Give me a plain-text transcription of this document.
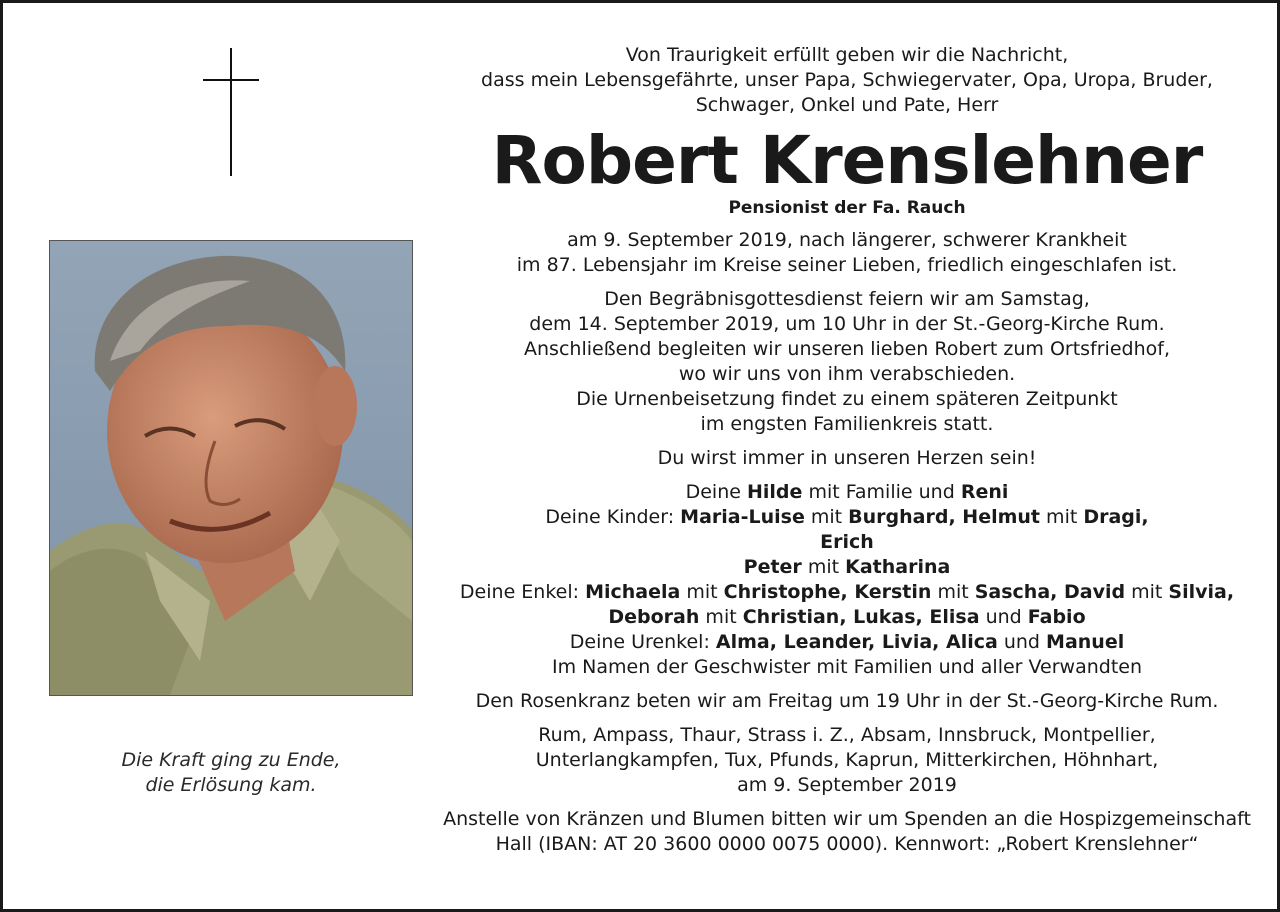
Die Kraft ging zu Ende,
die Erlösung kam.

Von Traurigkeit erfüllt geben wir die Nachricht,
dass mein Lebensgefährte, unser Papa, Schwiegervater, Opa, Uropa, Bruder,
Schwager, Onkel und Pate, Herr

Robert Krenslehner

Pensionist der Fa. Rauch

am 9. September 2019, nach längerer, schwerer Krankheit
im 87. Lebensjahr im Kreise seiner Lieben, friedlich eingeschlafen ist.

Den Begräbnisgottesdienst feiern wir am Samstag,
dem 14. September 2019, um 10 Uhr in der St.-Georg-Kirche Rum.
Anschließend begleiten wir unseren lieben Robert zum Ortsfriedhof,
wo wir uns von ihm verabschieden.
Die Urnenbeisetzung findet zu einem späteren Zeitpunkt
im engsten Familienkreis statt.

Du wirst immer in unseren Herzen sein!

Deine Hilde mit Familie und Reni
Deine Kinder: Maria-Luise mit Burghard, Helmut mit Dragi,
Erich
Peter mit Katharina
Deine Enkel: Michaela mit Christophe, Kerstin mit Sascha, David mit Silvia,
Deborah mit Christian, Lukas, Elisa und Fabio
Deine Urenkel: Alma, Leander, Livia, Alica und Manuel
Im Namen der Geschwister mit Familien und aller Verwandten

Den Rosenkranz beten wir am Freitag um 19 Uhr in der St.-Georg-Kirche Rum.

Rum, Ampass, Thaur, Strass i. Z., Absam, Innsbruck, Montpellier,
Unterlangkampfen, Tux, Pfunds, Kaprun, Mitterkirchen, Höhnhart,
am 9. September 2019

Anstelle von Kränzen und Blumen bitten wir um Spenden an die Hospizgemeinschaft
Hall (IBAN: AT 20 3600 0000 0075 0000). Kennwort: „Robert Krenslehner“
